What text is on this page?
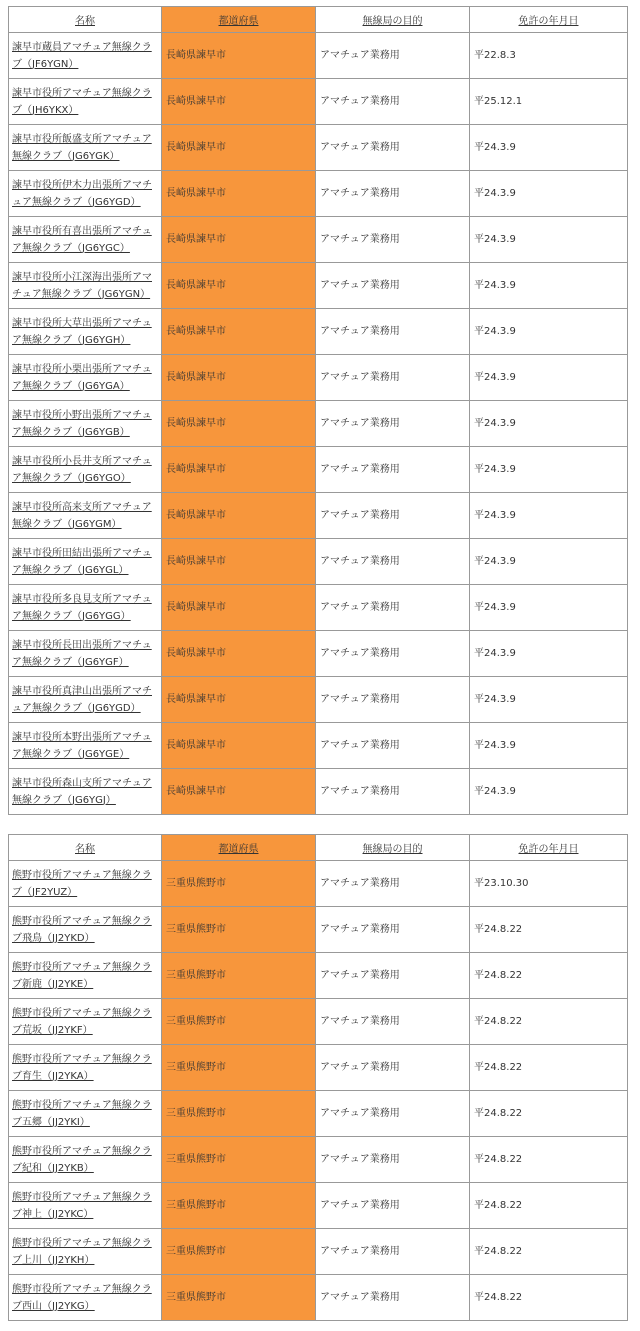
名称	都道府県	無線局の目的	免許の年月日
諫早市蔵員アマチュア無線クラブ（JF6YGN）	長崎県諫早市	アマチュア業務用	平22.8.3
諫早市役所アマチュア無線クラブ（JH6YKX）	長崎県諫早市	アマチュア業務用	平25.12.1
諫早市役所飯盛支所アマチュア無線クラブ（JG6YGK）	長崎県諫早市	アマチュア業務用	平24.3.9
諫早市役所伊木力出張所アマチュア無線クラブ（JG6YGD）	長崎県諫早市	アマチュア業務用	平24.3.9
諫早市役所有喜出張所アマチュア無線クラブ（JG6YGC）	長崎県諫早市	アマチュア業務用	平24.3.9
諫早市役所小江深海出張所アマチュア無線クラブ（JG6YGN）	長崎県諫早市	アマチュア業務用	平24.3.9
諫早市役所大草出張所アマチュア無線クラブ（JG6YGH）	長崎県諫早市	アマチュア業務用	平24.3.9
諫早市役所小栗出張所アマチュア無線クラブ（JG6YGA）	長崎県諫早市	アマチュア業務用	平24.3.9
諫早市役所小野出張所アマチュア無線クラブ（JG6YGB）	長崎県諫早市	アマチュア業務用	平24.3.9
諫早市役所小長井支所アマチュア無線クラブ（JG6YGO）	長崎県諫早市	アマチュア業務用	平24.3.9
諫早市役所高来支所アマチュア無線クラブ（JG6YGM）	長崎県諫早市	アマチュア業務用	平24.3.9
諫早市役所田結出張所アマチュア無線クラブ（JG6YGL）	長崎県諫早市	アマチュア業務用	平24.3.9
諫早市役所多良見支所アマチュア無線クラブ（JG6YGG）	長崎県諫早市	アマチュア業務用	平24.3.9
諫早市役所長田出張所アマチュア無線クラブ（JG6YGF）	長崎県諫早市	アマチュア業務用	平24.3.9
諫早市役所真津山出張所アマチュア無線クラブ（JG6YGD）	長崎県諫早市	アマチュア業務用	平24.3.9
諫早市役所本野出張所アマチュア無線クラブ（JG6YGE）	長崎県諫早市	アマチュア業務用	平24.3.9
諫早市役所森山支所アマチュア無線クラブ（JG6YGJ）	長崎県諫早市	アマチュア業務用	平24.3.9
名称	都道府県	無線局の目的	免許の年月日
熊野市役所アマチュア無線クラブ（JF2YUZ）	三重県熊野市	アマチュア業務用	平23.10.30
熊野市役所アマチュア無線クラブ飛鳥（JJ2YKD）	三重県熊野市	アマチュア業務用	平24.8.22
熊野市役所アマチュア無線クラブ新鹿（JJ2YKE）	三重県熊野市	アマチュア業務用	平24.8.22
熊野市役所アマチュア無線クラブ荒坂（JJ2YKF）	三重県熊野市	アマチュア業務用	平24.8.22
熊野市役所アマチュア無線クラブ育生（JJ2YKA）	三重県熊野市	アマチュア業務用	平24.8.22
熊野市役所アマチュア無線クラブ五郷（JJ2YKI）	三重県熊野市	アマチュア業務用	平24.8.22
熊野市役所アマチュア無線クラブ紀和（JJ2YKB）	三重県熊野市	アマチュア業務用	平24.8.22
熊野市役所アマチュア無線クラブ神上（JJ2YKC）	三重県熊野市	アマチュア業務用	平24.8.22
熊野市役所アマチュア無線クラブ上川（JJ2YKH）	三重県熊野市	アマチュア業務用	平24.8.22
熊野市役所アマチュア無線クラブ西山（JJ2YKG）	三重県熊野市	アマチュア業務用	平24.8.22
